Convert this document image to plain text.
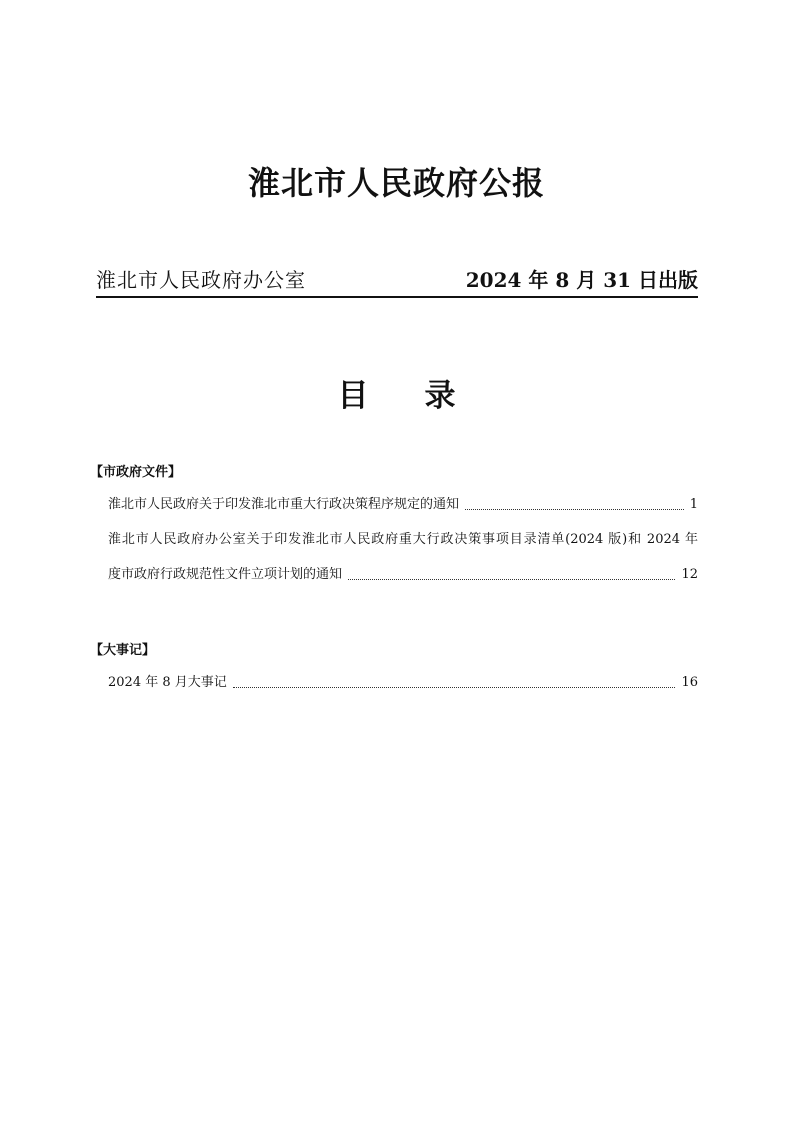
淮北市人民政府公报
淮北市人民政府办公室	2024 年 8 月 31 日出版
目 录
【市政府文件】
淮北市人民政府关于印发淮北市重大行政决策程序规定的通知	1
淮北市人民政府办公室关于印发淮北市人民政府重大行政决策事项目录清单(2024 版)和 2024 年
度市政府行政规范性文件立项计划的通知	12
【大事记】
2024 年 8 月大事记	16
